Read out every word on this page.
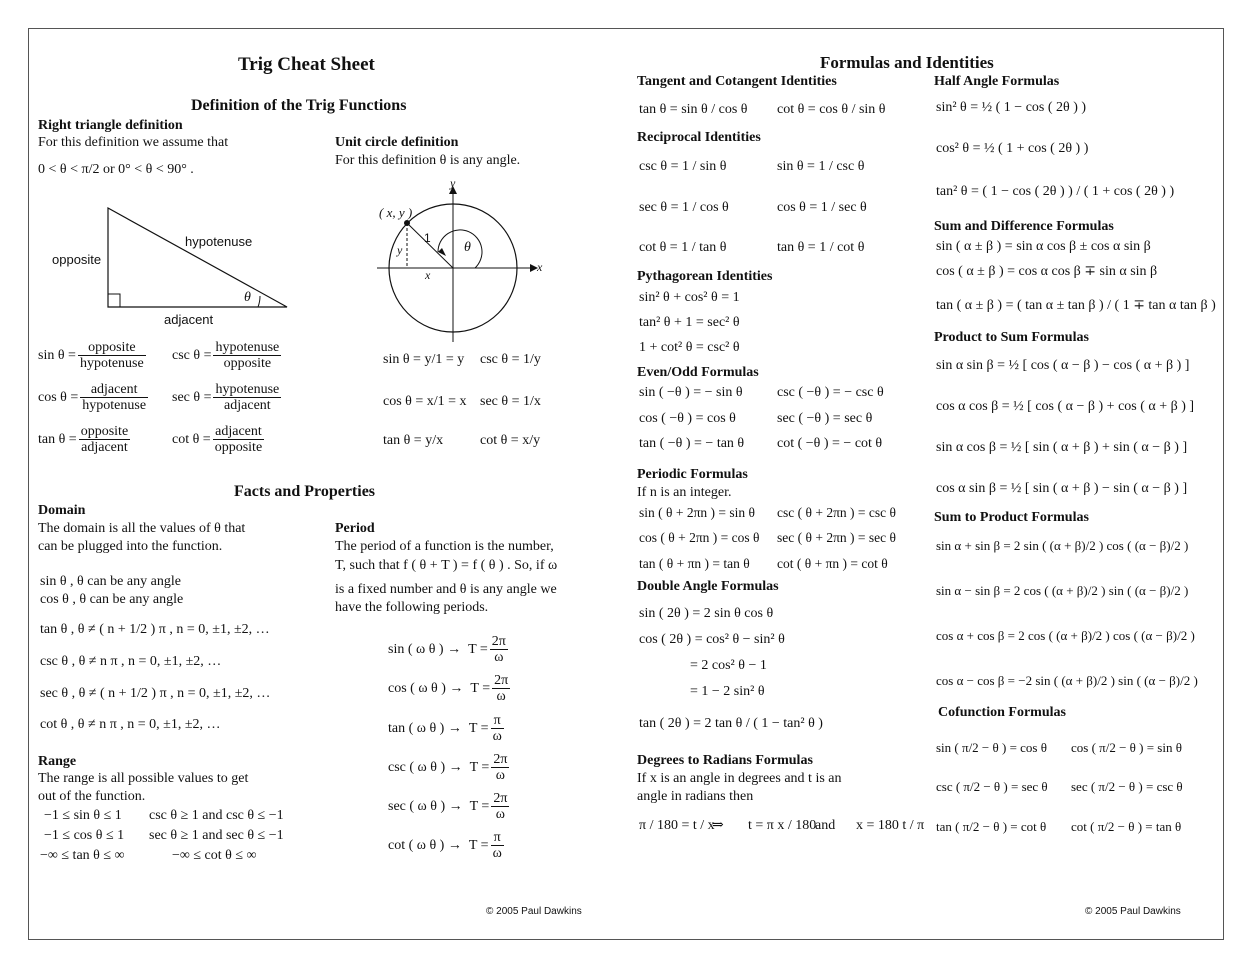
Trig Cheat Sheet
Definition of the Trig Functions
Right triangle definition
For this definition we assume that
0 < θ < π/2 or 0° < θ < 90° .
opposite
hypotenuse
adjacent
θ
$\sin \theta = \frac{\text{opposite}}{\text{hypotenuse}}$ $\csc \theta = \frac{\text{hypotenuse}}{\text{opposite}}$
$\cos \theta = \frac{\text{adjacent}}{\text{hypotenuse}}$ $\sec \theta = \frac{\text{hypotenuse}}{\text{adjacent}}$
$\tan \theta = \frac{\text{opposite}}{\text{adjacent}}$	$\cot \theta = \frac{\text{adjacent}}{\text{opposite}}$
Unit circle definition
For this definition θ is any angle.
( x, y )
y
x
1
θ
x
y
sin θ = y/1 = y csc θ = 1/y
cos θ = x/1 = x sec θ = 1/x
tan θ = y/x	cot θ = x/y
Facts and Properties
Domain
The domain is all the values of θ that
can be plugged into the function.
sin θ , θ can be any angle
cos θ , θ can be any angle
tan θ , θ ≠ ( n + 1/2 ) π , n = 0, ±1, ±2, …
csc θ , θ ≠ n π , n = 0, ±1, ±2, …
sec θ , θ ≠ ( n + 1/2 ) π , n = 0, ±1, ±2, …
cot θ , θ ≠ n π , n = 0, ±1, ±2, …
Range
The range is all possible values to get
out of the function.
−1 ≤ sin θ ≤ 1 csc θ ≥ 1 and csc θ ≤ −1
−1 ≤ cos θ ≤ 1 sec θ ≥ 1 and sec θ ≤ −1
−∞ ≤ tan θ ≤ ∞	−∞ ≤ cot θ ≤ ∞
Period
The period of a function is the number,
T, such that f ( θ + T ) = f ( θ ) . So, if ω
is a fixed number and θ is any angle we
have the following periods.
sin ( ω θ ) → $T = \frac{2\pi}{\omega}$
cos ( ω θ ) → $T = \frac{2\pi}{\omega}$
tan ( ω θ ) → $T = \frac{\pi}{\omega}$
csc ( ω θ ) → $T = \frac{2\pi}{\omega}$
sec ( ω θ ) → $T = \frac{2\pi}{\omega}$
cot ( ω θ ) → $T = \frac{\pi}{\omega}$
© 2005 Paul Dawkins
Formulas and Identities
Tangent and Cotangent Identities
tan θ = sin θ / cos θ cot θ = cos θ / sin θ
Reciprocal Identities
csc θ = 1 / sin θ	sin θ = 1 / csc θ
sec θ = 1 / cos θ	cos θ = 1 / sec θ
cot θ = 1 / tan θ	tan θ = 1 / cot θ
Pythagorean Identities
sin² θ + cos² θ = 1
tan² θ + 1 = sec² θ
1 + cot² θ = csc² θ
Even/Odd Formulas
sin ( −θ ) = − sin θ csc ( −θ ) = − csc θ
cos ( −θ ) = cos θ	sec ( −θ ) = sec θ
tan ( −θ ) = − tan θ cot ( −θ ) = − cot θ
Periodic Formulas
If n is an integer.
sin ( θ + 2πn ) = sin θ csc ( θ + 2πn ) = csc θ
cos ( θ + 2πn ) = cos θ sec ( θ + 2πn ) = sec θ
tan ( θ + πn ) = tan θ cot ( θ + πn ) = cot θ
Double Angle Formulas
sin ( 2θ ) = 2 sin θ cos θ
cos ( 2θ ) = cos² θ − sin² θ
= 2 cos² θ − 1
= 1 − 2 sin² θ
tan ( 2θ ) = 2 tan θ / ( 1 − tan² θ )
Degrees to Radians Formulas
If x is an angle in degrees and t is an
angle in radians then
π / 180 = t / x
⇒ t = π x / 180
and x = 180 t / π
Half Angle Formulas
sin² θ = ½ ( 1 − cos ( 2θ ) )
cos² θ = ½ ( 1 + cos ( 2θ ) )
tan² θ = ( 1 − cos ( 2θ ) ) / ( 1 + cos ( 2θ ) )
Sum and Difference Formulas
sin ( α ± β ) = sin α cos β ± cos α sin β
cos ( α ± β ) = cos α cos β ∓ sin α sin β
tan ( α ± β ) = ( tan α ± tan β ) / ( 1 ∓ tan α tan β )
Product to Sum Formulas
sin α sin β = ½ [ cos ( α − β ) − cos ( α + β ) ]
cos α cos β = ½ [ cos ( α − β ) + cos ( α + β ) ]
sin α cos β = ½ [ sin ( α + β ) + sin ( α − β ) ]
cos α sin β = ½ [ sin ( α + β ) − sin ( α − β ) ]
Sum to Product Formulas
sin α + sin β = 2 sin ( (α + β)/2 ) cos ( (α − β)/2 )
sin α − sin β = 2 cos ( (α + β)/2 ) sin ( (α − β)/2 )
cos α + cos β = 2 cos ( (α + β)/2 ) cos ( (α − β)/2 )
cos α − cos β = −2 sin ( (α + β)/2 ) sin ( (α − β)/2 )
Cofunction Formulas
sin ( π/2 − θ ) = cos θ cos ( π/2 − θ ) = sin θ
csc ( π/2 − θ ) = sec θ sec ( π/2 − θ ) = csc θ
tan ( π/2 − θ ) = cot θ cot ( π/2 − θ ) = tan θ
© 2005 Paul Dawkins
